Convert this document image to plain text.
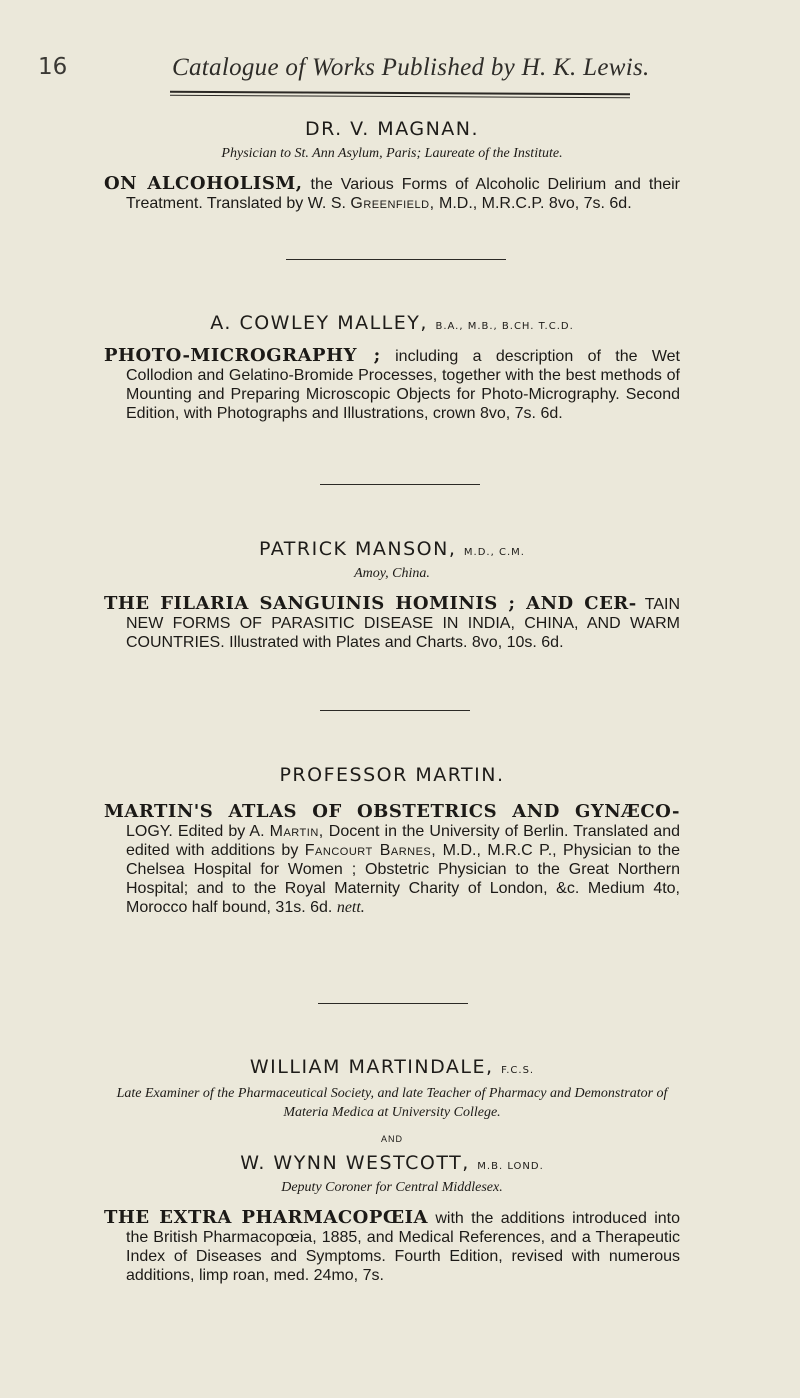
16	Catalogue of Works Published by H. K. Lewis.
DR. V. MAGNAN.
Physician to St. Ann Asylum, Paris; Laureate of the Institute.
ON ALCOHOLISM, the Various Forms of Alcoholic Delirium and their Treatment. Translated by W. S. Greenfield, M.D., M.R.C.P. 8vo, 7s. 6d.
A. COWLEY MALLEY, B.A., M.B., B.CH. T.C.D.
PHOTO-MICROGRAPHY ; including a description of the Wet Collodion and Gelatino-Bromide Processes, together with the best methods of Mounting and Preparing Microscopic Objects for Photo-Micrography. Second Edition, with Photographs and Illustrations, crown 8vo, 7s. 6d.
PATRICK MANSON, M.D., C.M.
Amoy, China.
THE FILARIA SANGUINIS HOMINIS ; AND CER- TAIN NEW FORMS OF PARASITIC DISEASE IN INDIA, CHINA, AND WARM COUNTRIES. Illustrated with Plates and Charts. 8vo, 10s. 6d.
PROFESSOR MARTIN.
MARTIN'S ATLAS OF OBSTETRICS AND GYNÆCO- LOGY. Edited by A. Martin, Docent in the University of Berlin. Translated and edited with additions by Fancourt Barnes, M.D., M.R.C P., Physician to the Chelsea Hospital for Women ; Obstetric Physician to the Great Northern Hospital; and to the Royal Maternity Charity of London, &c. Medium 4to, Morocco half bound, 31s. 6d. nett.
WILLIAM MARTINDALE, F.C.S.
Late Examiner of the Pharmaceutical Society, and late Teacher of Pharmacy and Demonstrator of Materia Medica at University College.
AND
W. WYNN WESTCOTT, M.B. LOND.
Deputy Coroner for Central Middlesex.
THE EXTRA PHARMACOPŒIA with the additions introduced into the British Pharmacopœia, 1885, and Medical References, and a Therapeutic Index of Diseases and Symptoms. Fourth Edition, revised with numerous additions, limp roan, med. 24mo, 7s.
